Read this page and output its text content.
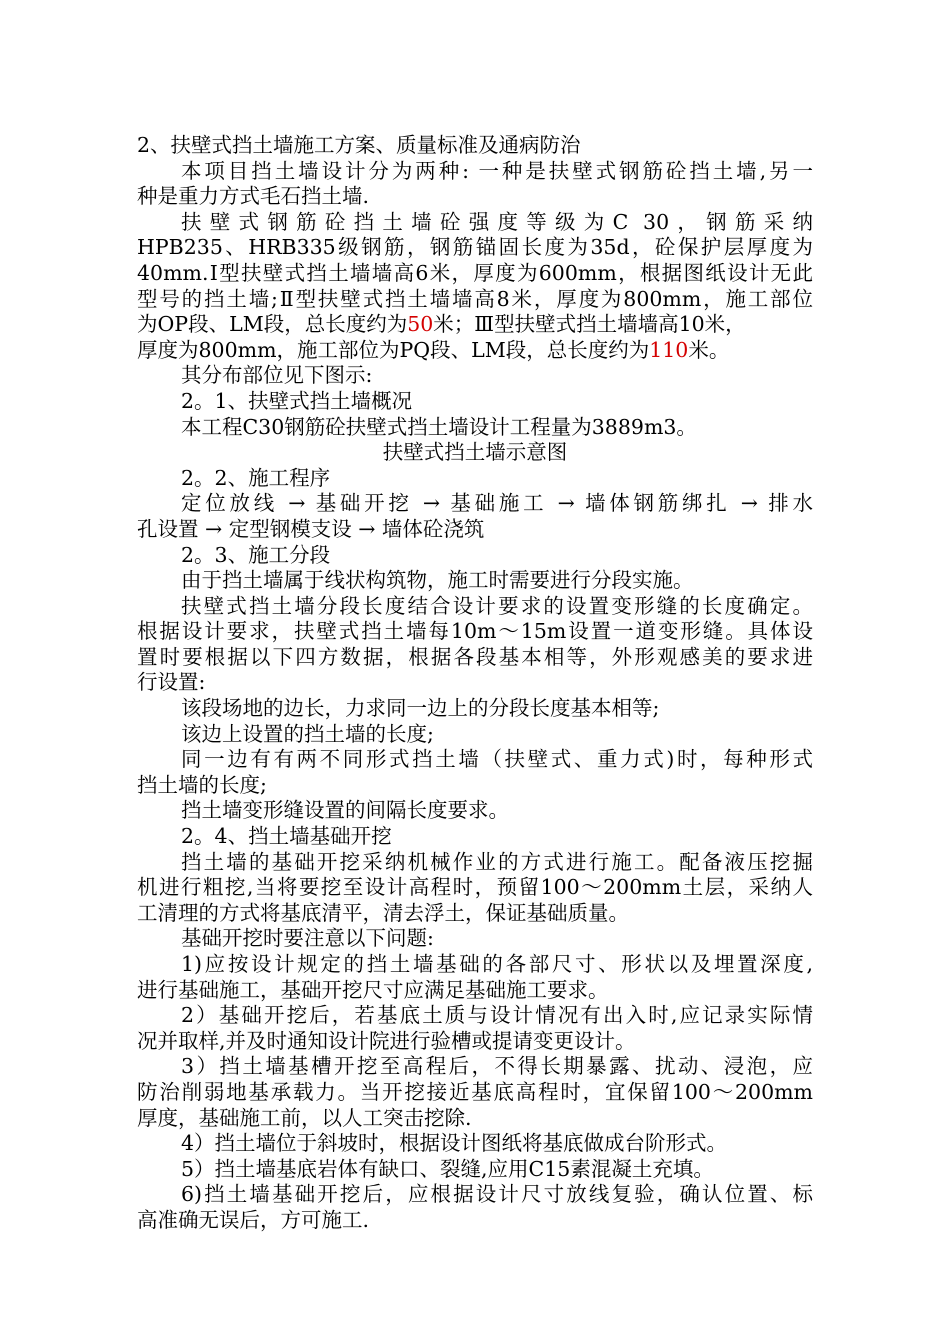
2、扶壁式挡土墙施工方案、质量标准及通病防治
本项目挡土墙设计分为两种: 一种是扶壁式钢筋砼挡土墙,另一
种是重力方式毛石挡土墙.
扶壁式钢筋砼挡土墙砼强度等级为C 30，钢筋采纳
HPB235、HRB335级钢筋，钢筋锚固长度为35d，砼保护层厚度为
40mm.Ⅰ型扶壁式挡土墙墙高6米，厚度为600mm，根据图纸设计无此
型号的挡土墙;Ⅱ型扶壁式挡土墙墙高8米，厚度为800mm，施工部位
为OP段、LM段，总长度约为50米；Ⅲ型扶壁式挡土墙墙高10米，
厚度为800mm，施工部位为PQ段、LM段，总长度约为110米。
其分布部位见下图示:
2。1、扶壁式挡土墙概况
本工程C30钢筋砼扶壁式挡土墙设计工程量为3889m3。
扶壁式挡土墙示意图
2。2、施工程序
定位放线 → 基础开挖 → 基础施工 → 墙体钢筋绑扎 → 排水
孔设置 → 定型钢模支设 → 墙体砼浇筑
2。3、施工分段
由于挡土墙属于线状构筑物，施工时需要进行分段实施。
扶壁式挡土墙分段长度结合设计要求的设置变形缝的长度确定。
根据设计要求，扶壁式挡土墙每10m～15m设置一道变形缝。具体设
置时要根据以下四方数据，根据各段基本相等，外形观感美的要求进
行设置:
该段场地的边长，力求同一边上的分段长度基本相等;
该边上设置的挡土墙的长度;
同一边有有两不同形式挡土墙（扶壁式、重力式)时，每种形式
挡土墙的长度;
挡土墙变形缝设置的间隔长度要求。
2。4、挡土墙基础开挖
挡土墙的基础开挖采纳机械作业的方式进行施工。配备液压挖掘
机进行粗挖,当将要挖至设计高程时，预留100～200mm土层，采纳人
工清理的方式将基底清平，清去浮土，保证基础质量。
基础开挖时要注意以下问题:
1)应按设计规定的挡土墙基础的各部尺寸、形状以及埋置深度,
进行基础施工，基础开挖尺寸应满足基础施工要求。
2）基础开挖后，若基底土质与设计情况有出入时,应记录实际情
况并取样,并及时通知设计院进行验槽或提请变更设计。
3）挡土墙基槽开挖至高程后，不得长期暴露、扰动、浸泡，应
防治削弱地基承载力。当开挖接近基底高程时，宜保留100～200mm
厚度，基础施工前，以人工突击挖除.
4）挡土墙位于斜坡时，根据设计图纸将基底做成台阶形式。
5）挡土墙基底岩体有缺口、裂缝,应用C15素混凝土充填。
6)挡土墙基础开挖后，应根据设计尺寸放线复验，确认位置、标
高准确无误后，方可施工.
